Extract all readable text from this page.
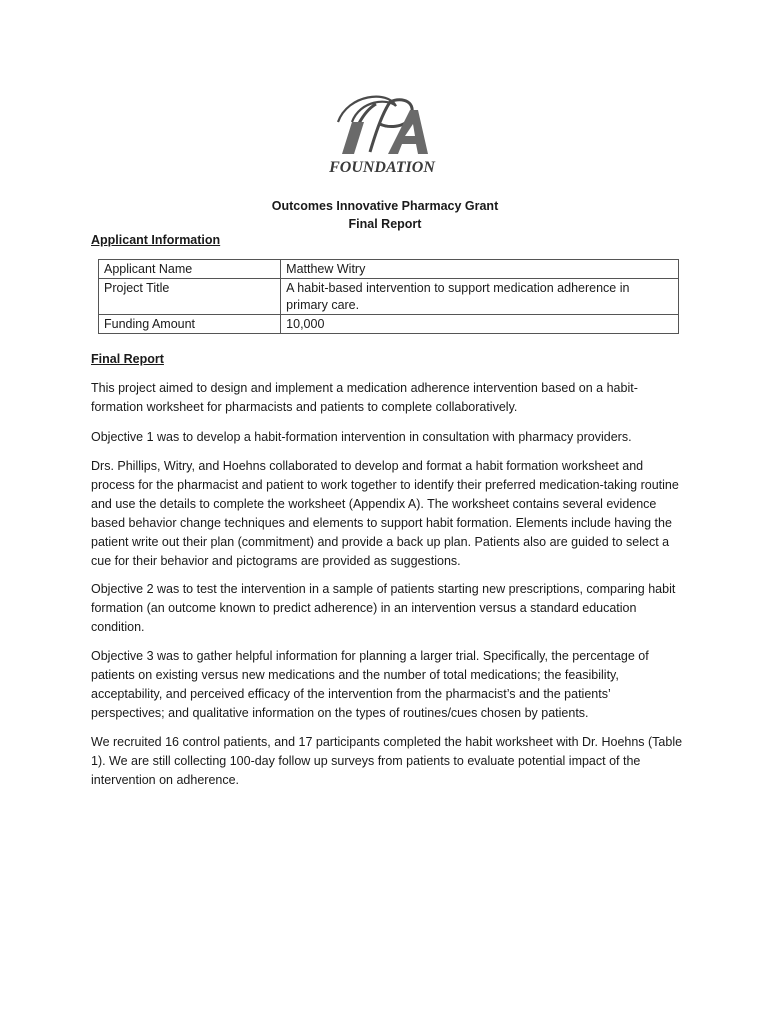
FOUNDATION
Outcomes Innovative Pharmacy Grant
Final Report
Applicant Information
Applicant Name	Matthew Witry
Project Title	A habit-based intervention to support medication adherence in primary care.
Funding Amount	10,000
Final Report

This project aimed to design and implement a medication adherence intervention based on a habit-formation worksheet for pharmacists and patients to complete collaboratively.

Objective 1 was to develop a habit-formation intervention in consultation with pharmacy providers.

Drs. Phillips, Witry, and Hoehns collaborated to develop and format a habit formation worksheet and process for the pharmacist and patient to work together to identify their preferred medication-taking routine and use the details to complete the worksheet (Appendix A). The worksheet contains several evidence based behavior change techniques and elements to support habit formation. Elements include having the patient write out their plan (commitment) and provide a back up plan. Patients also are guided to select a cue for their behavior and pictograms are provided as suggestions.

Objective 2 was to test the intervention in a sample of patients starting new prescriptions, comparing habit formation (an outcome known to predict adherence) in an intervention versus a standard education condition.

Objective 3 was to gather helpful information for planning a larger trial. Specifically, the percentage of patients on existing versus new medications and the number of total medications; the feasibility, acceptability, and perceived efficacy of the intervention from the pharmacist’s and the patients’ perspectives; and qualitative information on the types of routines/cues chosen by patients.

We recruited 16 control patients, and 17 participants completed the habit worksheet with Dr. Hoehns (Table 1). We are still collecting 100-day follow up surveys from patients to evaluate potential impact of the intervention on adherence.
